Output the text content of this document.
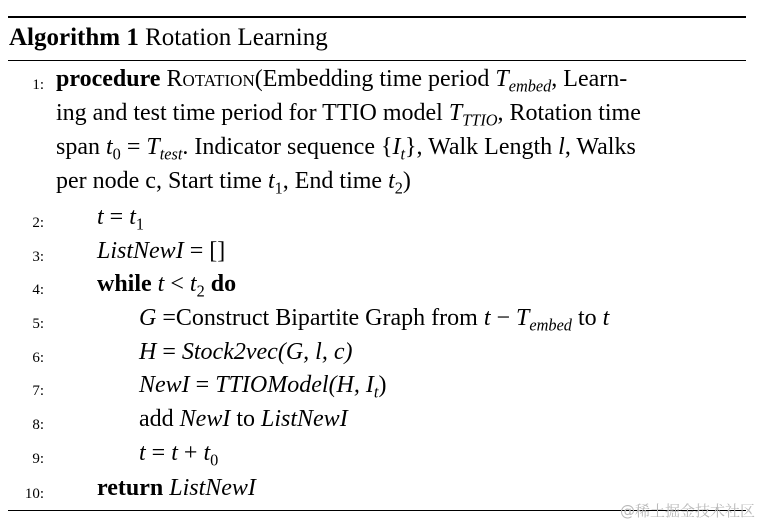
Algorithm 1 Rotation Learning
1: procedure Rotation(Embedding time period $T_{embed}$, Learn-
ing and test time period for TTIO model $T_{TTIO}$, Rotation time
span $t_0 = T_{test}$. Indicator sequence $\{I_t\}$, Walk Length l, Walks
per node c, Start time $t_1$, End time $t_2$)
2: $t = t_1$
3: ListNewI = []
4: while $t < t_2$ do
5:	G =Construct Bipartite Graph from $t - T_{embed}$ to t
6:	H = Stock2vec(G, l, c)
7:	NewI = TTIOModel(H, $I_t$)
8:	add NewI to ListNewI
9:	$t = t + t_0$
10: return ListNewI
@稀土掘金技术社区
